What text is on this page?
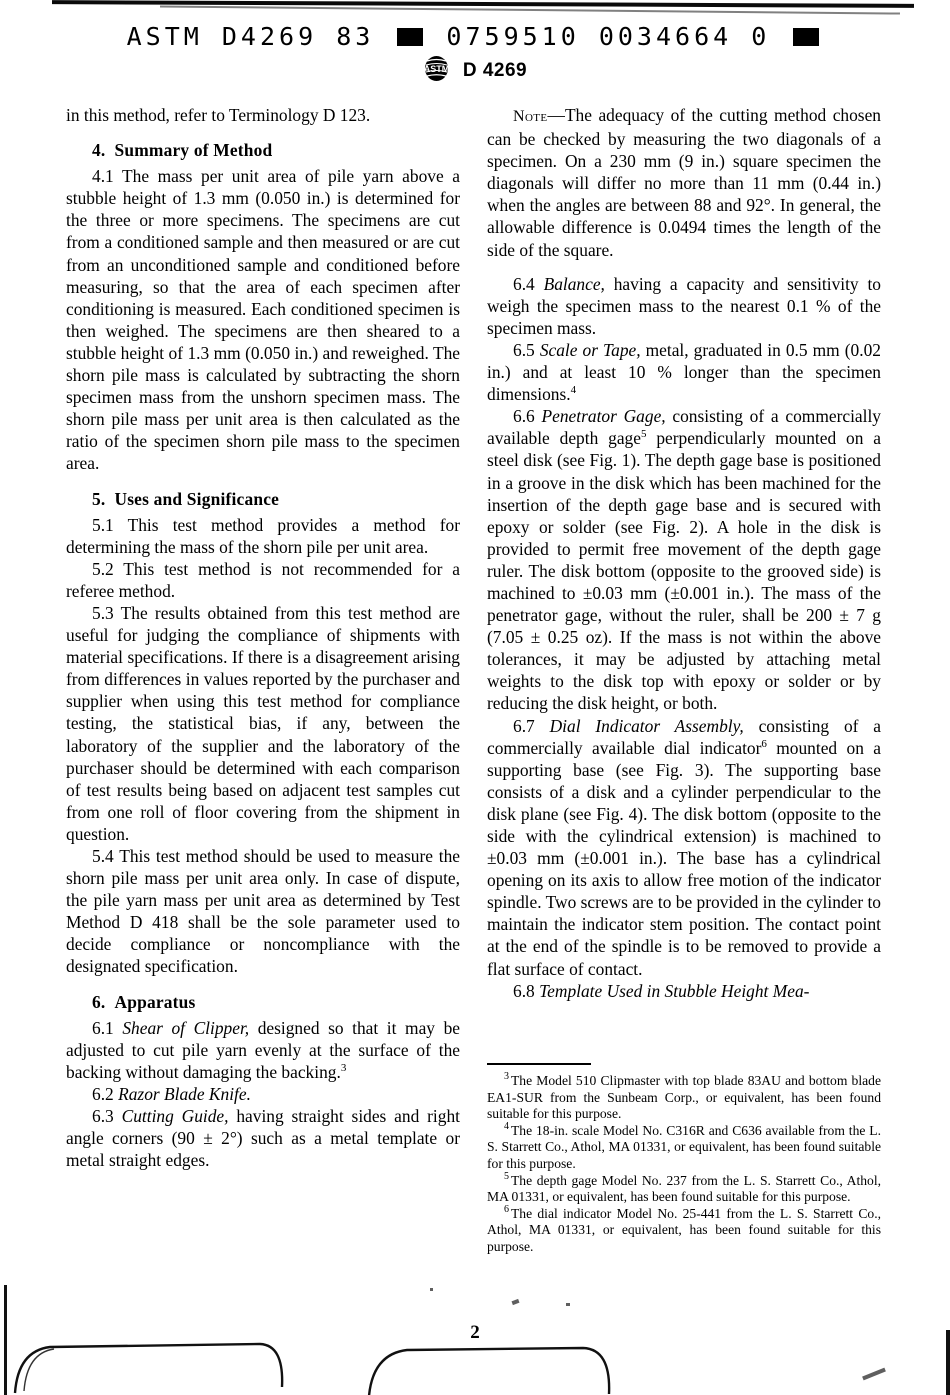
ASTM D4269 83	0759510 0034664 0
ASTM D 4269

in this method, refer to Terminology D 123.

4. Summary of Method

4.1 The mass per unit area of pile yarn above a stubble height of 1.3 mm (0.050 in.) is determined for the three or more specimens. The specimens are cut from a conditioned sample and then measured or are cut from an unconditioned sample and conditioned before measuring, so that the area of each specimen after conditioning is measured. Each conditioned specimen is then weighed. The specimens are then sheared to a stubble height of 1.3 mm (0.050 in.) and reweighed. The shorn pile mass is calculated by subtracting the shorn specimen mass from the unshorn specimen mass. The shorn pile mass per unit area is then calculated as the ratio of the specimen shorn pile mass to the specimen area.

5. Uses and Significance

5.1 This test method provides a method for determining the mass of the shorn pile per unit area.

5.2 This test method is not recommended for a referee method.

5.3 The results obtained from this test method are useful for judging the compliance of shipments with material specifications. If there is a disagreement arising from differences in values reported by the purchaser and supplier when using this test method for compliance testing, the statistical bias, if any, between the laboratory of the supplier and the laboratory of the purchaser should be determined with each comparison of test results being based on adjacent test samples cut from one roll of floor covering from the shipment in question.

5.4 This test method should be used to measure the shorn pile mass per unit area only. In case of dispute, the pile yarn mass per unit area as determined by Test Method D 418 shall be the sole parameter used to decide compliance or noncompliance with the designated specification.

6. Apparatus

6.1 Shear of Clipper, designed so that it may be adjusted to cut pile yarn evenly at the surface of the backing without damaging the backing.$^3$

6.2 Razor Blade Knife.

6.3 Cutting Guide, having straight sides and right angle corners (90 ± 2°) such as a metal template or metal straight edges.

Note—The adequacy of the cutting method chosen can be checked by measuring the two diagonals of a specimen. On a 230 mm (9 in.) square specimen the diagonals will differ no more than 11 mm (0.44 in.) when the angles are between 88 and 92°. In general, the allowable difference is 0.0494 times the length of the side of the square.

6.4 Balance, having a capacity and sensitivity to weigh the specimen mass to the nearest 0.1 % of the specimen mass.

6.5 Scale or Tape, metal, graduated in 0.5 mm (0.02 in.) and at least 10 % longer than the specimen dimensions.$^4$

6.6 Penetrator Gage, consisting of a commercially available depth gage$^5$ perpendicularly mounted on a steel disk (see Fig. 1). The depth gage base is positioned in a groove in the disk which has been machined for the insertion of the depth gage base and is secured with epoxy or solder (see Fig. 2). A hole in the disk is provided to permit free movement of the depth gage ruler. The disk bottom (opposite to the grooved side) is machined to ±0.03 mm (±0.001 in.). The mass of the penetrator gage, without the ruler, shall be 200 ± 7 g (7.05 ± 0.25 oz). If the mass is not within the above tolerances, it may be adjusted by attaching metal weights to the disk top with epoxy or solder or by reducing the disk height, or both.

6.7 Dial Indicator Assembly, consisting of a commercially available dial indicator$^6$ mounted on a supporting base (see Fig. 3). The supporting base consists of a disk and a cylinder perpendicular to the disk plane (see Fig. 4). The disk bottom (opposite to the side with the cylindrical extension) is machined to ±0.03 mm (±0.001 in.). The base has a cylindrical opening on its axis to allow free motion of the indicator spindle. Two screws are to be provided in the cylinder to maintain the indicator stem position. The contact point at the end of the spindle is to be removed to provide a flat surface of contact.

6.8 Template Used in Stubble Height Mea-

$^3$ The Model 510 Clipmaster with top blade 83AU and bottom blade EA1-SUR from the Sunbeam Corp., or equivalent, has been found suitable for this purpose.

$^4$ The 18-in. scale Model No. C316R and C636 available from the L. S. Starrett Co., Athol, MA 01331, or equivalent, has been found suitable for this purpose.

$^5$ The depth gage Model No. 237 from the L. S. Starrett Co., Athol, MA 01331, or equivalent, has been found suitable for this purpose.

$^6$ The dial indicator Model No. 25-441 from the L. S. Starrett Co., Athol, MA 01331, or equivalent, has been found suitable for this purpose.

2
